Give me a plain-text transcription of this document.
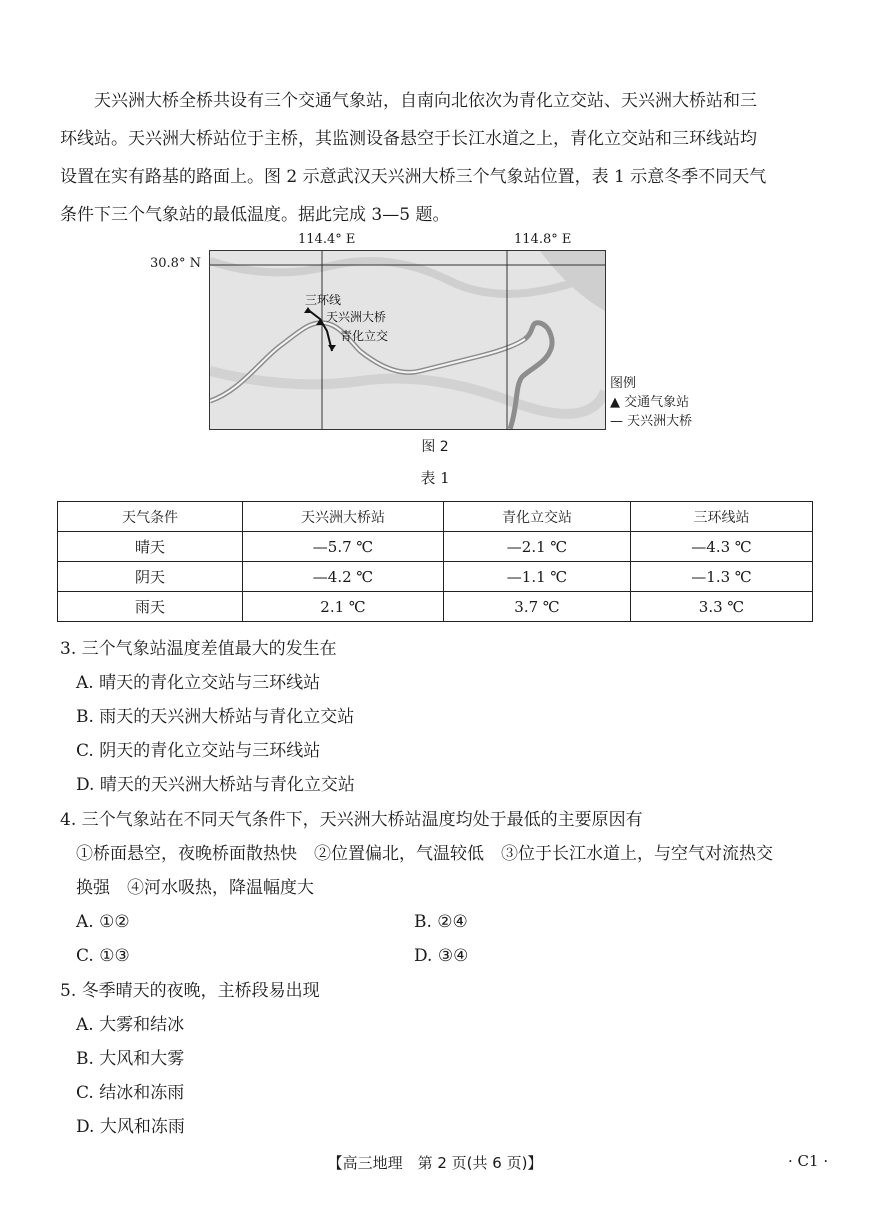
天兴洲大桥全桥共设有三个交通气象站，自南向北依次为青化立交站、天兴洲大桥站和三

环线站。天兴洲大桥站位于主桥，其监测设备悬空于长江水道之上，青化立交站和三环线站均

设置在实有路基的路面上。图 2 示意武汉天兴洲大桥三个气象站位置，表 1 示意冬季不同天气

条件下三个气象站的最低温度。据此完成 3—5 题。

30.8° N
114.4° E	114.8° E
三环线
天兴洲大桥
青化立交
图例
▲ 交通气象站
— 天兴洲大桥
图 2
表 1
天气条件	天兴洲大桥站	青化立交站	三环线站
晴天	—5.7 ℃	—2.1 ℃	—4.3 ℃
阴天	—4.2 ℃	—1.1 ℃	—1.3 ℃
雨天	2.1 ℃	3.7 ℃	3.3 ℃

3. 三个气象站温度差值最大的发生在

A. 晴天的青化立交站与三环线站

B. 雨天的天兴洲大桥站与青化立交站

C. 阴天的青化立交站与三环线站

D. 晴天的天兴洲大桥站与青化立交站

4. 三个气象站在不同天气条件下，天兴洲大桥站温度均处于最低的主要原因有

①桥面悬空，夜晚桥面散热快　②位置偏北，气温较低　③位于长江水道上，与空气对流热交

换强　④河水吸热，降温幅度大

A. ①②	B. ②④
C. ①③	D. ③④

5. 冬季晴天的夜晚，主桥段易出现

A. 大雾和结冰

B. 大风和大雾

C. 结冰和冻雨

D. 大风和冻雨

【高三地理　第 2 页(共 6 页)】	· C1 ·
